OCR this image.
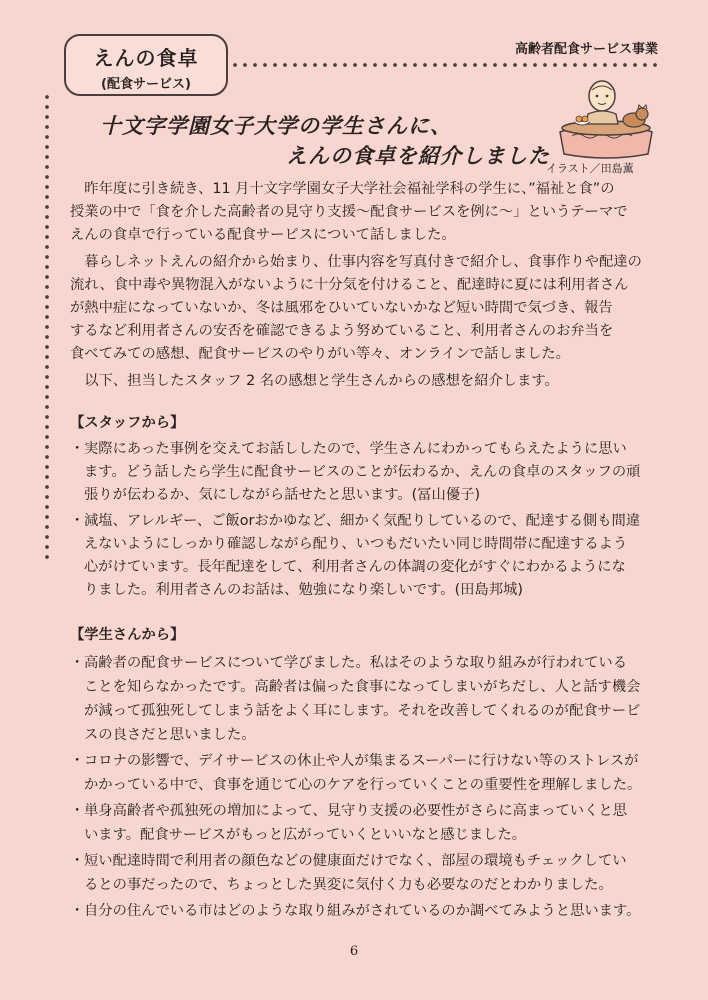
えんの食卓
(配食サービス)
高齢者配食サービス事業
十文字学園女子大学の学生さんに、
えんの食卓を紹介しました
イラスト／田島薫
　昨年度に引き続き、11 月十文字学園女子大学社会福祉学科の学生に、”福祉と食”の
授業の中で「食を介した高齢者の見守り支援～配食サービスを例に～」というテーマで
えんの食卓で行っている配食サービスについて話しました。
　暮らしネットえんの紹介から始まり、仕事内容を写真付きで紹介し、食事作りや配達の
流れ、食中毒や異物混入がないように十分気を付けること、配達時に夏には利用者さん
が熱中症になっていないか、冬は風邪をひいていないかなど短い時間で気づき、報告
するなど利用者さんの安否を確認できるよう努めていること、利用者さんのお弁当を
食べてみての感想、配食サービスのやりがい等々、オンラインで話しました。
　以下、担当したスタッフ 2 名の感想と学生さんからの感想を紹介します。
【スタッフから】
・実際にあった事例を交えてお話ししたので、学生さんにわかってもらえたように思い
ます。どう話したら学生に配食サービスのことが伝わるか、えんの食卓のスタッフの頑
張りが伝わるか、気にしながら話せたと思います。(冨山優子)
・減塩、アレルギー、ご飯orおかゆなど、細かく気配りしているので、配達する側も間違
えないようにしっかり確認しながら配り、いつもだいたい同じ時間帯に配達するよう
心がけています。長年配達をして、利用者さんの体調の変化がすぐにわかるようにな
りました。利用者さんのお話は、勉強になり楽しいです。(田島邦城)
【学生さんから】
・高齢者の配食サービスについて学びました。私はそのような取り組みが行われている
ことを知らなかったです。高齢者は偏った食事になってしまいがちだし、人と話す機会
が減って孤独死してしまう話をよく耳にします。それを改善してくれるのが配食サービ
スの良さだと思いました。
・コロナの影響で、デイサービスの休止や人が集まるスーパーに行けない等のストレスが
かかっている中で、食事を通じて心のケアを行っていくことの重要性を理解しました。
・単身高齢者や孤独死の増加によって、見守り支援の必要性がさらに高まっていくと思
います。配食サービスがもっと広がっていくといいなと感じました。
・短い配達時間で利用者の顔色などの健康面だけでなく、部屋の環境もチェックしてい
るとの事だったので、ちょっとした異変に気付く力も必要なのだとわかりました。
・自分の住んでいる市はどのような取り組みがされているのか調べてみようと思います。
6
